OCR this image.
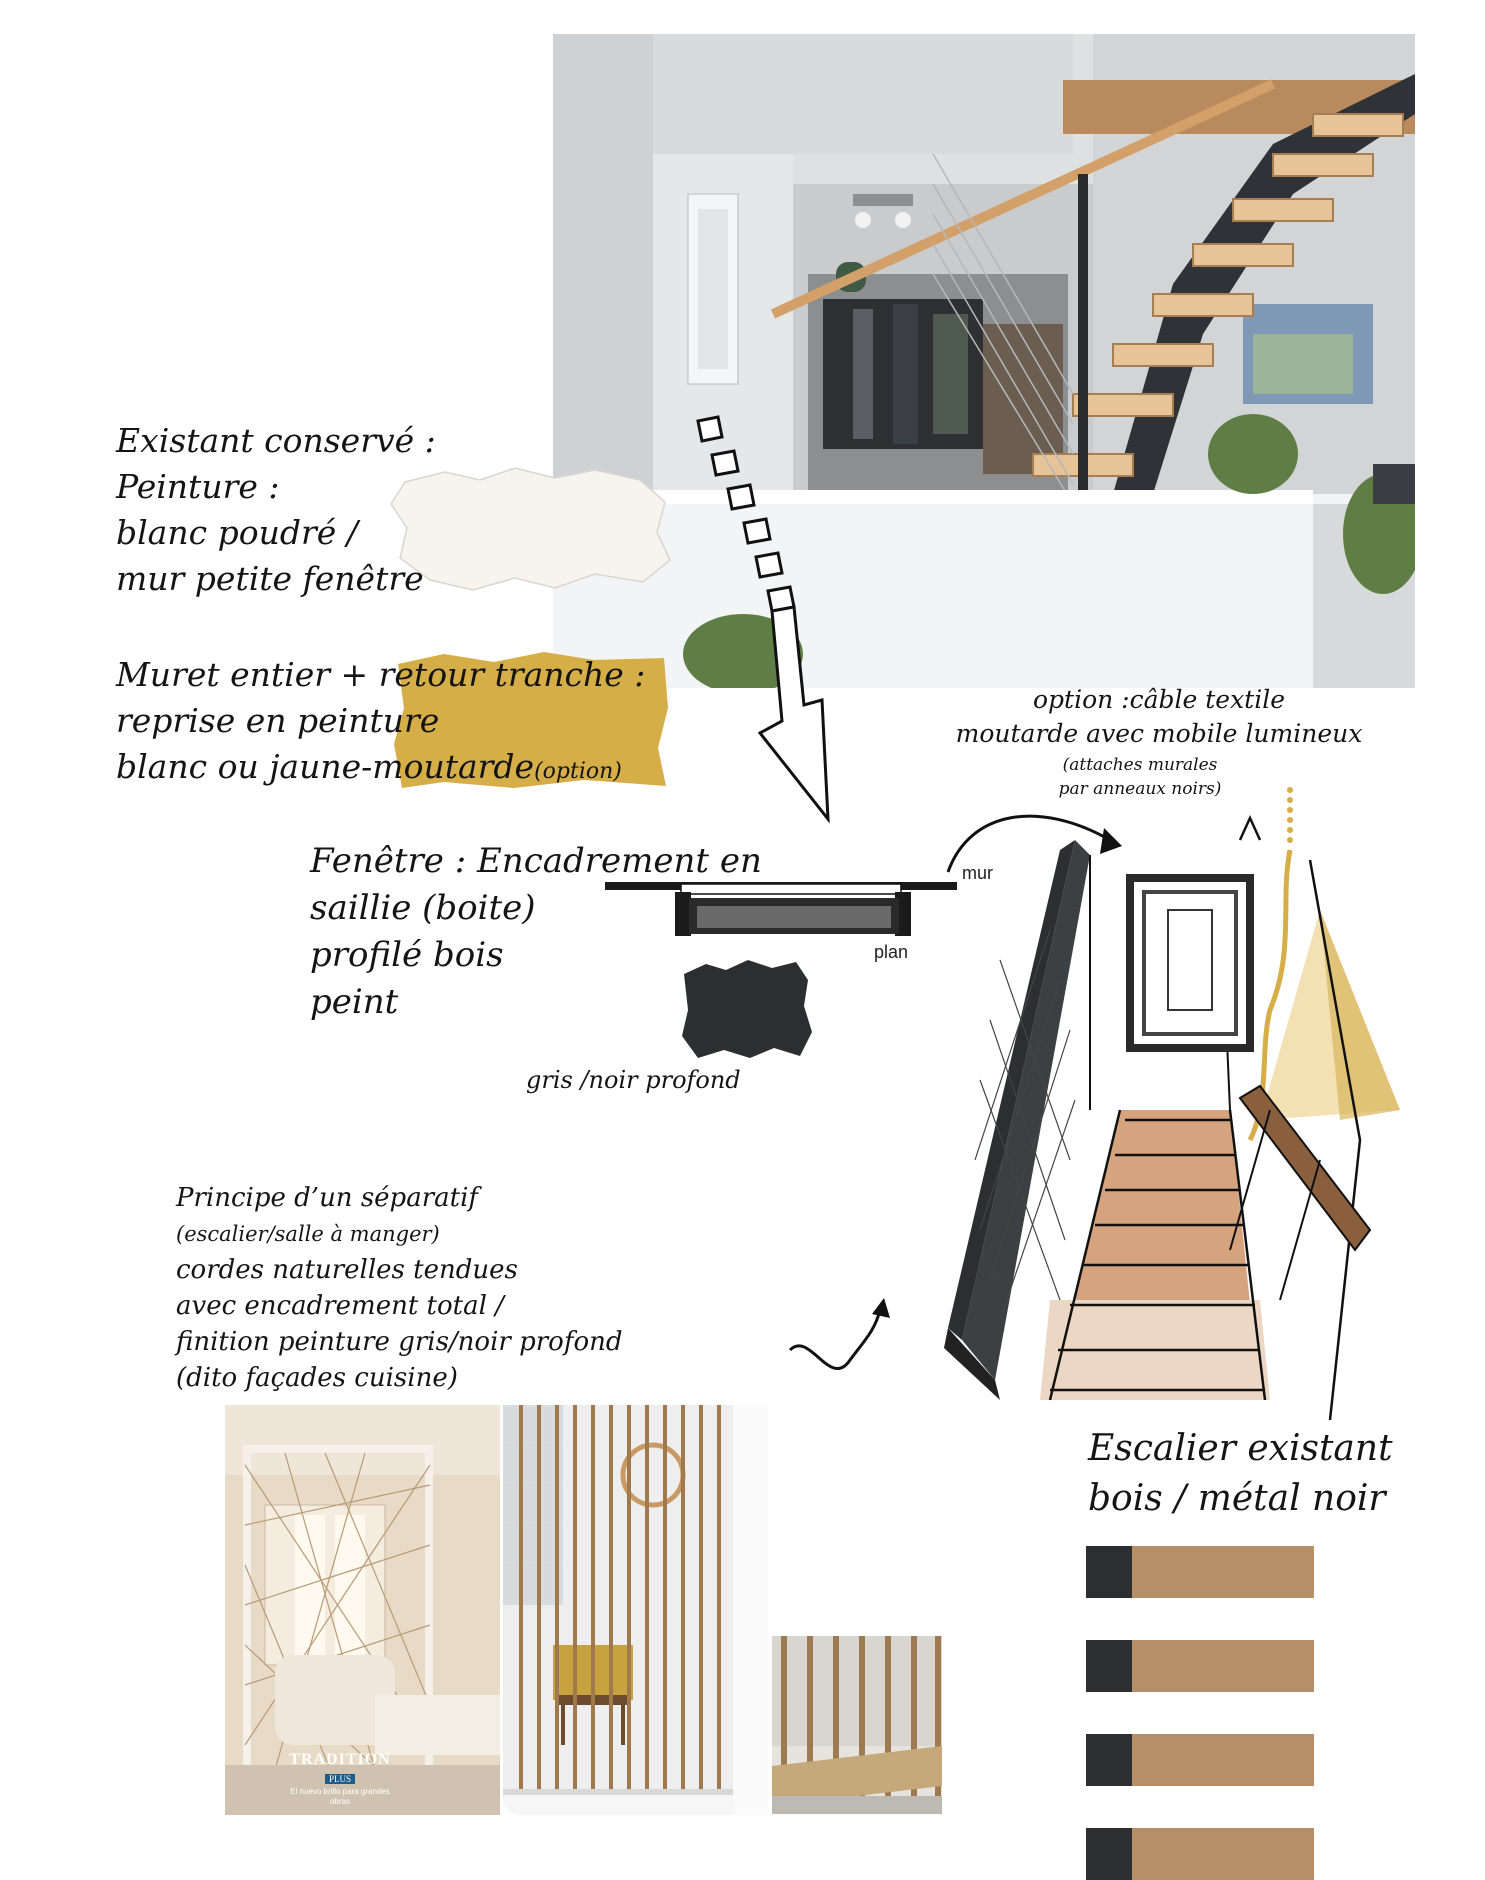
Existant conservé :
Peinture :
blanc poudré /
mur petite fenêtre
Muret entier + retour tranche :
reprise en peinture
blanc ou jaune-moutarde(option)
Fenêtre : Encadrement en
saillie (boite)
profilé bois
peint
mur
plan
gris /noir profond
option :câble textile
moutarde avec mobile lumineux
(attaches murales
par anneaux noirs)
Principe d’un séparatif
(escalier/salle à manger)
cordes naturelles tendues
avec encadrement total /
finition peinture gris/noir profond
(dito façades cuisine)
Escalier existant
bois / métal noir
TRADITION
PLUS
El nuevo brillo para grandes obras
